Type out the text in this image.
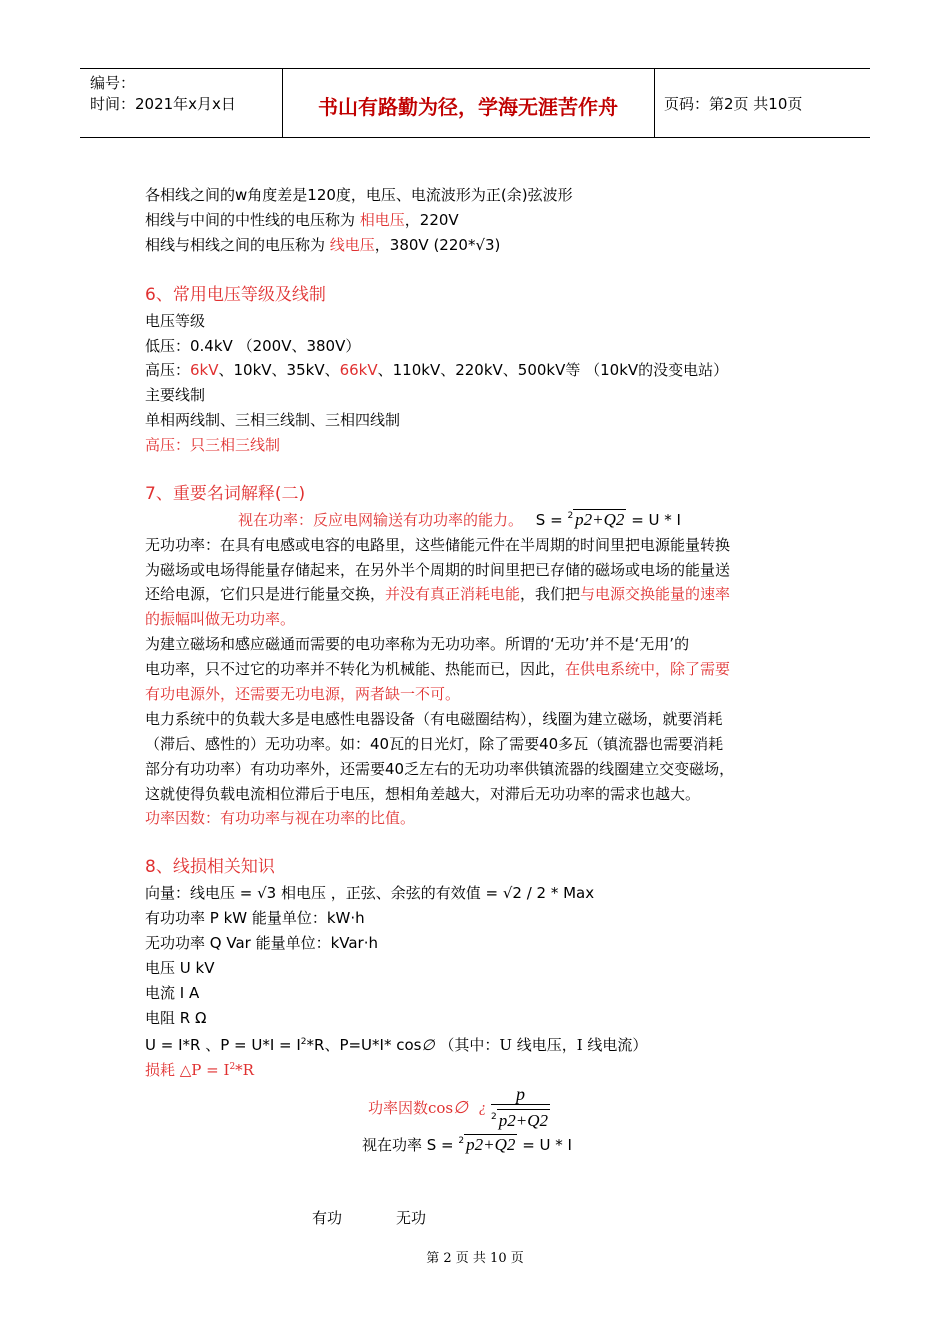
编号：
时间：2021年x月x日	书山有路勤为径，学海无涯苦作舟	页码：第2页 共10页
各相线之间的w角度差是120度，电压、电流波形为正(余)弦波形
相线与中间的中性线的电压称为 相电压，220V
相线与相线之间的电压称为 线电压，380V (220*√3)
6、常用电压等级及线制
电压等级
低压：0.4kV （200V、380V）
高压：6kV、10kV、35kV、66kV、110kV、220kV、500kV等 （10kV的没变电站）
主要线制
单相两线制、三相三线制、三相四线制
高压：只三相三线制
7、重要名词解释(二)
视在功率：反应电网输送有功功率的能力。 S = $^2$ p2+Q2 = U * I
无功功率：在具有电感或电容的电路里，这些储能元件在半周期的时间里把电源能量转换
为磁场或电场得能量存储起来，在另外半个周期的时间里把已存储的磁场或电场的能量送
还给电源，它们只是进行能量交换，并没有真正消耗电能，我们把与电源交换能量的速率
的振幅叫做无功功率。
为建立磁场和感应磁通而需要的电功率称为无功功率。所谓的‘无功’并不是‘无用’的
电功率，只不过它的功率并不转化为机械能、热能而已，因此，在供电系统中，除了需要
有功电源外，还需要无功电源，两者缺一不可。
电力系统中的负载大多是电感性电器设备（有电磁圈结构），线圈为建立磁场，就要消耗
（滞后、感性的）无功功率。如：40瓦的日光灯，除了需要40多瓦（镇流器也需要消耗
部分有功功率）有功功率外，还需要40乏左右的无功功率供镇流器的线圈建立交变磁场，
这就使得负载电流相位滞后于电压，想相角差越大，对滞后无功功率的需求也越大。
功率因数：有功功率与视在功率的比值。
8、线损相关知识
向量：线电压 = √3 相电压 ，正弦、余弦的有效值 = √2 / 2 * Max
有功功率 P kW 能量单位：kW·h
无功功率 Q Var 能量单位：kVar·h
电压 U kV
电流 I A
电阻 R Ω
U = I*R 、$P = U*I = I^2*R$、P=U*I* cos∅ （其中：U 线电压，I 线电流）
损耗 △P = $I^2*R$
功率因数cos∅ ¿ $\frac{p}{^2 p2+Q2}$
视在功率 S = $^2$ p2+Q2 = U * I
有功	无功
第 2 页 共 10 页
